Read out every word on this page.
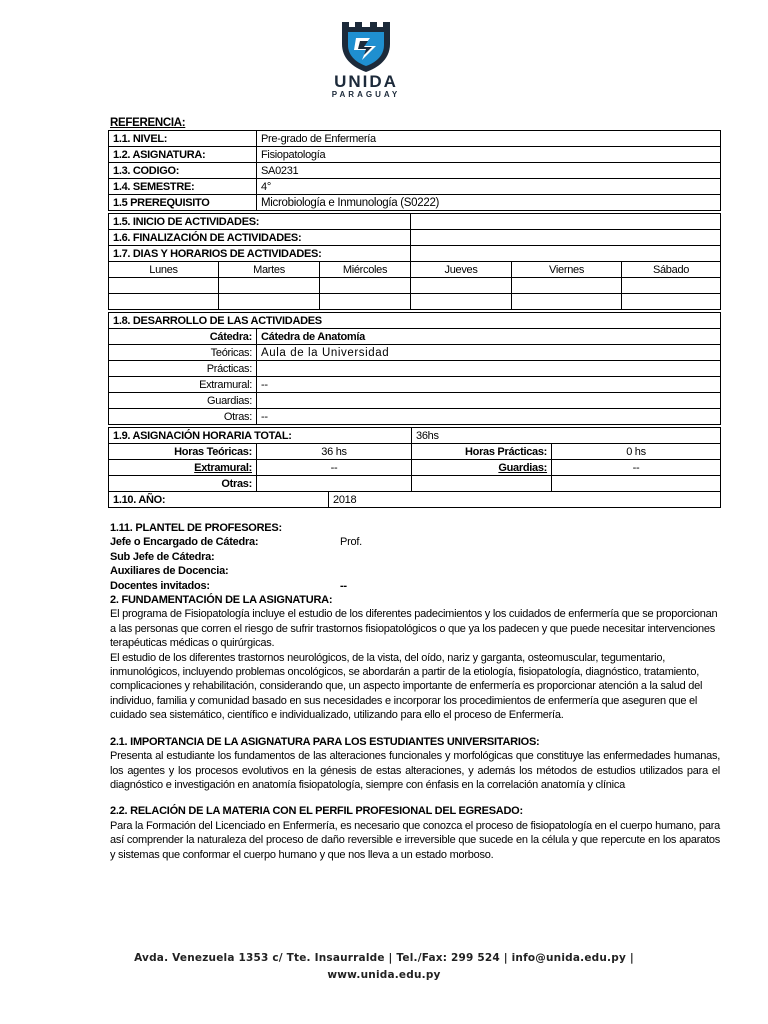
UNIDA
PARAGUAY
REFERENCIA:
1.1. NIVEL:	Pre-grado de Enfermería
1.2. ASIGNATURA:	Fisiopatología
1.3. CODIGO:	SA0231
1.4. SEMESTRE:	4°
1.5 PREREQUISITO	Microbiología e Inmunología (S0222)
1.5. INICIO DE ACTIVIDADES:					
1.6. FINALIZACIÓN DE ACTIVIDADES:					
1.7. DIAS Y HORARIOS DE ACTIVIDADES:					
Lunes	Martes	Miércoles	Jueves	Viernes	Sábado

1.8. DESARROLLO DE LAS ACTIVIDADES	
Cátedra:	Cátedra de Anatomía
Teóricas:	Aula de la Universidad
Prácticas:	
Extramural:	--
Guardias:	
Otras:	--
1.9. ASIGNACIÓN HORARIA TOTAL:			36hs	
Horas Teóricas:	36 hs		Horas Prácticas:	0 hs
Extramural:	--		Guardias:	--
Otras:				
1.10. AÑO:		2018		

1.11. PLANTEL DE PROFESORES:

Jefe o Encargado de Cátedra:	Prof.

Sub Jefe de Cátedra:

Auxiliares de Docencia:

Docentes invitados:	--

2. FUNDAMENTACIÓN DE LA ASIGNATURA:

El programa de Fisiopatología incluye el estudio de los diferentes padecimientos y los cuidados de enfermería que se proporcionan a las personas que corren el riesgo de sufrir trastornos fisiopatológicos o que ya los padecen y que puede necesitar intervenciones terapéuticas médicas o quirúrgicas.

El estudio de los diferentes trastornos neurológicos, de la vista, del oído, nariz y garganta, osteomuscular, tegumentario, inmunológicos, incluyendo problemas oncológicos, se abordarán a partir de la etiología, fisiopatología, diagnóstico, tratamiento, complicaciones y rehabilitación, considerando que, un aspecto importante de enfermería es proporcionar atención a la salud del individuo, familia y comunidad basado en sus necesidades e incorporar los procedimientos de enfermería que aseguren que el cuidado sea sistemático, científico e individualizado, utilizando para ello el proceso de Enfermería.

2.1. IMPORTANCIA DE LA ASIGNATURA PARA LOS ESTUDIANTES UNIVERSITARIOS:

Presenta al estudiante los fundamentos de las alteraciones funcionales y morfológicas que constituye las enfermedades humanas, los agentes y los procesos evolutivos en la génesis de estas alteraciones, y además los métodos de estudios utilizados para el diagnóstico e investigación en anatomía fisiopatología, siempre con énfasis en la correlación anatomía y clínica

2.2. RELACIÓN DE LA MATERIA CON EL PERFIL PROFESIONAL DEL EGRESADO:

Para la Formación del Licenciado en Enfermería, es necesario que conozca el proceso de fisiopatología en el cuerpo humano, para así comprender la naturaleza del proceso de daño reversible e irreversible que sucede en la célula y que repercute en los aparatos y sistemas que conformar el cuerpo humano y que nos lleva a un estado morboso.

Avda. Venezuela 1353 c/ Tte. Insaurralde | Tel./Fax: 299 524 | info@unida.edu.py |
www.unida.edu.py
